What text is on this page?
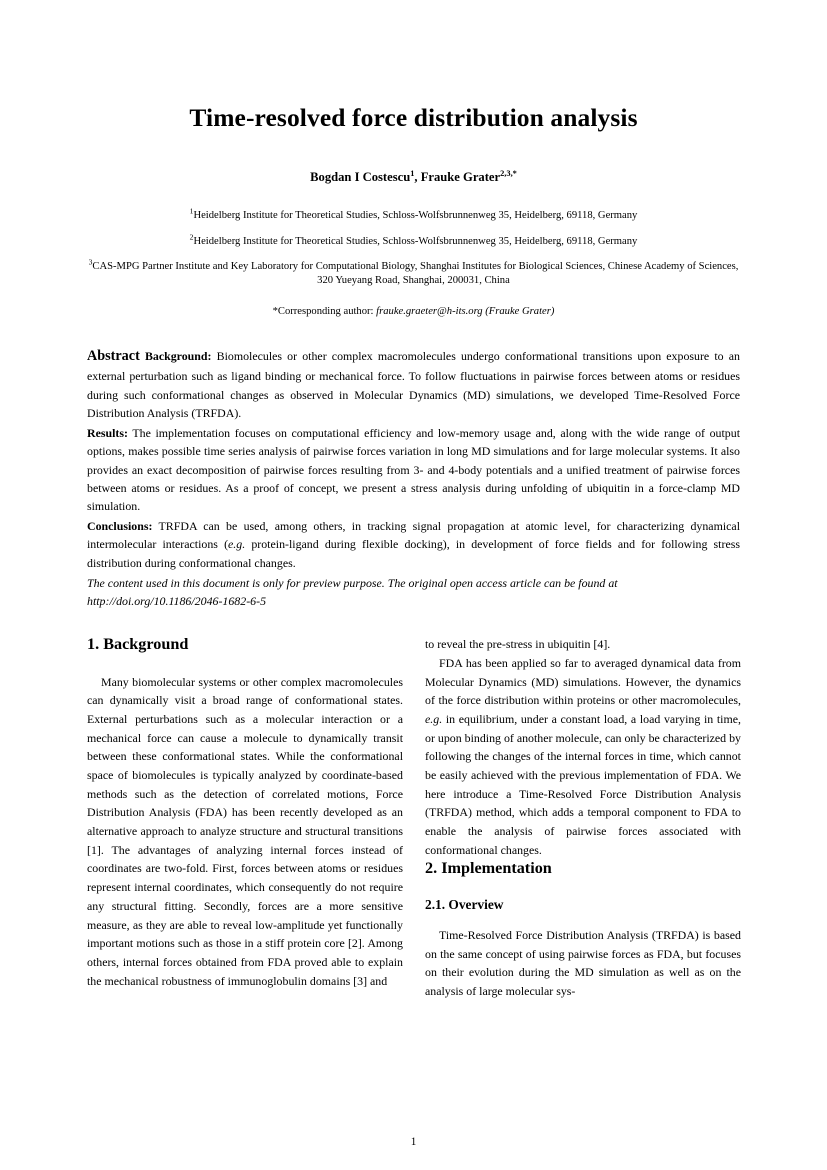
Time-resolved force distribution analysis
Bogdan I Costescu$^1$, Frauke Grater$^{2,3,*}$

$^1$Heidelberg Institute for Theoretical Studies, Schloss-Wolfsbrunnenweg 35, Heidelberg, 69118, Germany

$^2$Heidelberg Institute for Theoretical Studies, Schloss-Wolfsbrunnenweg 35, Heidelberg, 69118, Germany

$^3$CAS-MPG Partner Institute and Key Laboratory for Computational Biology, Shanghai Institutes for Biological Sciences, Chinese Academy of Sciences, 320 Yueyang Road, Shanghai, 200031, China

*Corresponding author: frauke.graeter@h-its.org (Frauke Grater)

Abstract Background: Biomolecules or other complex macromolecules undergo conformational transitions upon exposure to an external perturbation such as ligand binding or mechanical force. To follow fluctuations in pairwise forces between atoms or residues during such conformational changes as observed in Molecular Dynamics (MD) simulations, we developed Time-Resolved Force Distribution Analysis (TRFDA).

Results: The implementation focuses on computational efficiency and low-memory usage and, along with the wide range of output options, makes possible time series analysis of pairwise forces variation in long MD simulations and for large molecular systems. It also provides an exact decomposition of pairwise forces resulting from 3- and 4-body potentials and a unified treatment of pairwise forces between atoms or residues. As a proof of concept, we present a stress analysis during unfolding of ubiquitin in a force-clamp MD simulation.

Conclusions: TRFDA can be used, among others, in tracking signal propagation at atomic level, for characterizing dynamical intermolecular interactions (e.g. protein-ligand during flexible docking), in development of force fields and for following stress distribution during conformational changes.

The content used in this document is only for preview purpose. The original open access article can be found at

http://doi.org/10.1186/2046-1682-6-5

1. Background

Many biomolecular systems or other complex macromolecules can dynamically visit a broad range of conformational states. External perturbations such as a molecular interaction or a mechanical force can cause a molecule to dynamically transit between these conformational states. While the conformational space of biomolecules is typically analyzed by coordinate-based methods such as the detection of correlated motions, Force Distribution Analysis (FDA) has been recently developed as an alternative approach to analyze structure and structural transitions [1]. The advantages of analyzing internal forces instead of coordinates are two-fold. First, forces between atoms or residues represent internal coordinates, which consequently do not require any structural fitting. Secondly, forces are a more sensitive measure, as they are able to reveal low-amplitude yet functionally important motions such as those in a stiff protein core [2]. Among others, internal forces obtained from FDA proved able to explain the mechanical robustness of immunoglobulin domains [3] and

to reveal the pre-stress in ubiquitin [4].

FDA has been applied so far to averaged dynamical data from Molecular Dynamics (MD) simulations. However, the dynamics of the force distribution within proteins or other macromolecules, e.g. in equilibrium, under a constant load, a load varying in time, or upon binding of another molecule, can only be characterized by following the changes of the internal forces in time, which cannot be easily achieved with the previous implementation of FDA. We here introduce a Time-Resolved Force Distribution Analysis (TRFDA) method, which adds a temporal component to FDA to enable the analysis of pairwise forces associated with conformational changes.

2. Implementation
2.1. Overview

Time-Resolved Force Distribution Analysis (TRFDA) is based on the same concept of using pairwise forces as FDA, but focuses on their evolution during the MD simulation as well as on the analysis of large molecular sys-

1
